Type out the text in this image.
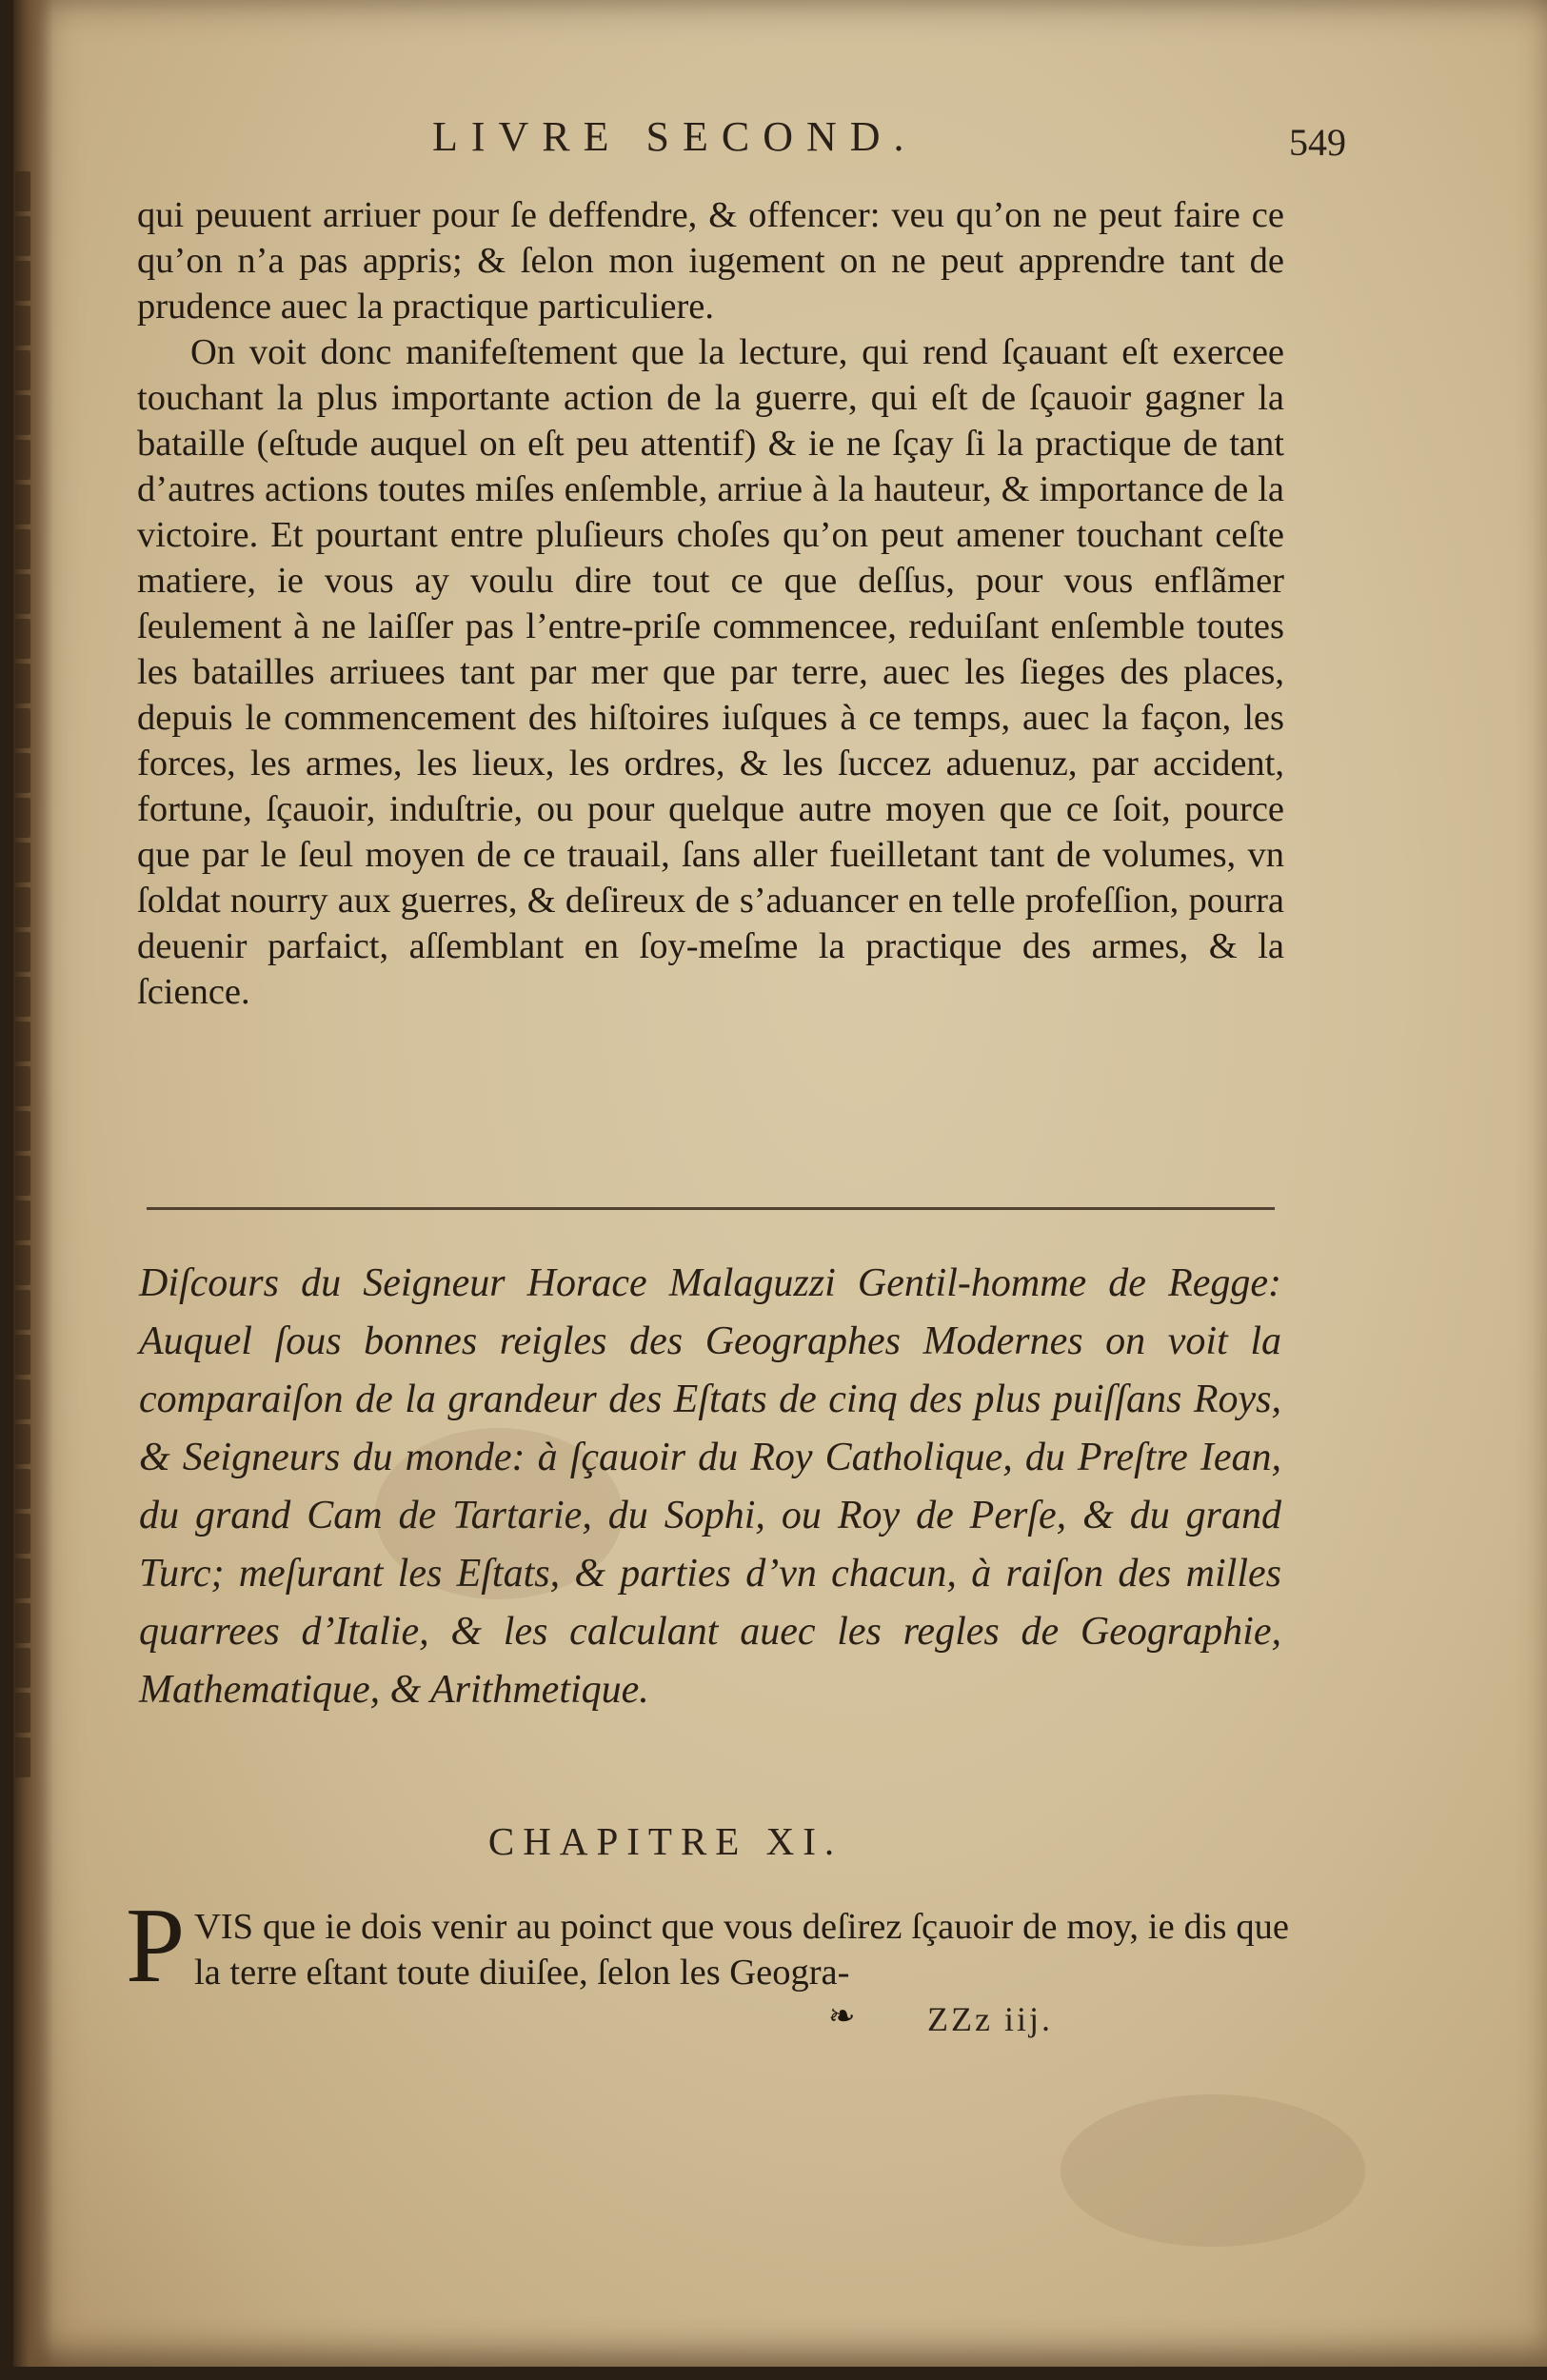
LIVRE SECOND.	549

qui peuuent arriuer pour ſe deffendre, & offencer: veu qu’on ne peut faire ce qu’on n’a pas appris; & ſelon mon iugement on ne peut apprendre tant de prudence auec la practique particuliere.

On voit donc manifeſtement que la lecture, qui rend ſçauant eſt exercee touchant la plus importante action de la guerre, qui eſt de ſçauoir gagner la bataille (eſtude auquel on eſt peu attentif) & ie ne ſçay ſi la practique de tant d’autres actions toutes miſes enſemble, arriue à la hauteur, & importance de la victoire. Et pourtant entre pluſieurs choſes qu’on peut amener touchant ceſte matiere, ie vous ay voulu dire tout ce que deſſus, pour vous enflãmer ſeulement à ne laiſſer pas l’entre-priſe commencee, reduiſant enſemble toutes les batailles arriuees tant par mer que par terre, auec les ſieges des places, depuis le commencement des hiſtoires iuſques à ce temps, auec la façon, les forces, les armes, les lieux, les ordres, & les ſuccez aduenuz, par accident, fortune, ſçauoir, induſtrie, ou pour quelque autre moyen que ce ſoit, pource que par le ſeul moyen de ce trauail, ſans aller fueilletant tant de volumes, vn ſoldat nourry aux guerres, & deſireux de s’aduancer en telle profeſſion, pourra deuenir parfaict, aſſemblant en ſoy-meſme la practique des armes, & la ſcience.

Diſcours du Seigneur Horace Malaguzzi Gentil-homme de Regge: Auquel ſous bonnes reigles des Geographes Modernes on voit la comparaiſon de la grandeur des Eſtats de cinq des plus puiſſans Roys, & Seigneurs du monde: à ſçauoir du Roy Catholique, du Preſtre Iean, du grand Cam de Tartarie, du Sophi, ou Roy de Perſe, & du grand Turc; meſurant les Eſtats, & parties d’vn chacun, à raiſon des milles quarrees d’Italie, & les calculant auec les regles de Geographie, Mathematique, & Arithmetique.

CHAPITRE XI.
P VIS que ie dois venir au poinct que vous deſirez ſçauoir de moy, ie dis que la terre eſtant toute diuiſee, ſelon les Geogra-

❧ ZZz iij.
